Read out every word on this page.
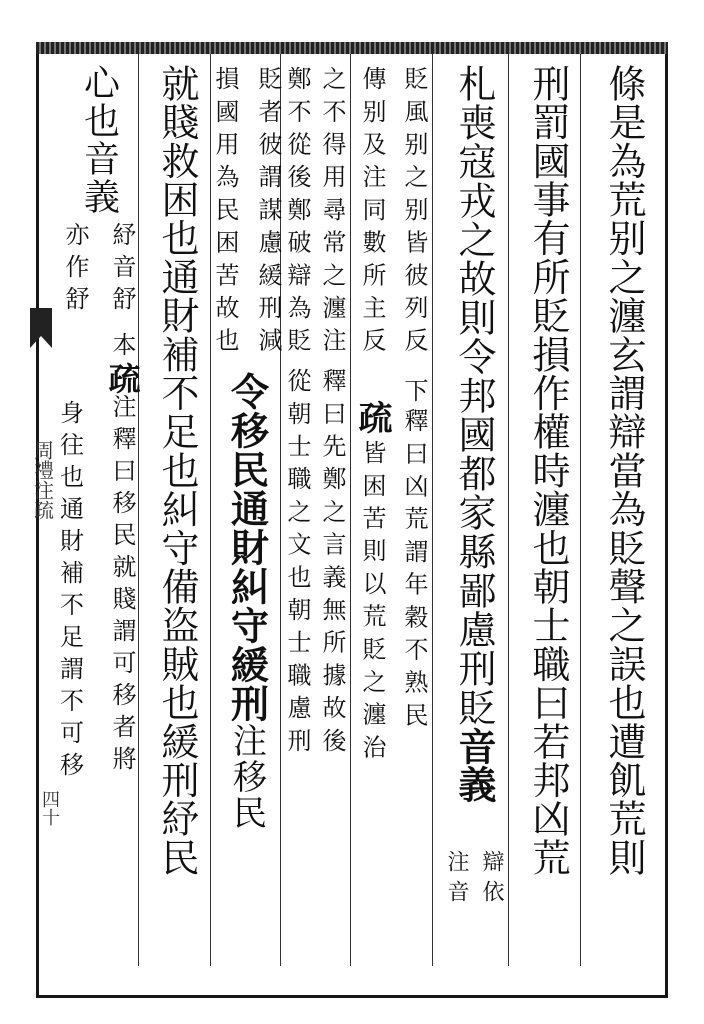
條是為荒别之瀍玄謂辯當為貶聲之誤也遭飢荒則
刑罰國事有所貶損作權時瀍也朝士職曰若邦凶荒
札喪寇戎之故則令邦國都家縣鄙慮刑貶
音義
辯依
注音
貶風别之别皆彼列反
下
釋曰凶荒謂年穀不熟民
傳别及注同數所主反
疏
皆困苦則以荒貶之瀍治
之不得用尋常之瀍注
釋曰先鄭之言義無所據故後
鄭不從後鄭破辯為貶
從朝士職之文也朝士職慮刑
貶者彼謂謀慮緩刑減
損國用為民困苦故也
令移民通財糾守緩刑
注移民
就賤救困也通財補不足也糾守備盗賊也緩刑紓民
心也音義
紓音舒
本
亦作舒
疏
注釋曰移民就賤謂可移者將
身往也通財補不足謂不可移
周禮注疏
四十
